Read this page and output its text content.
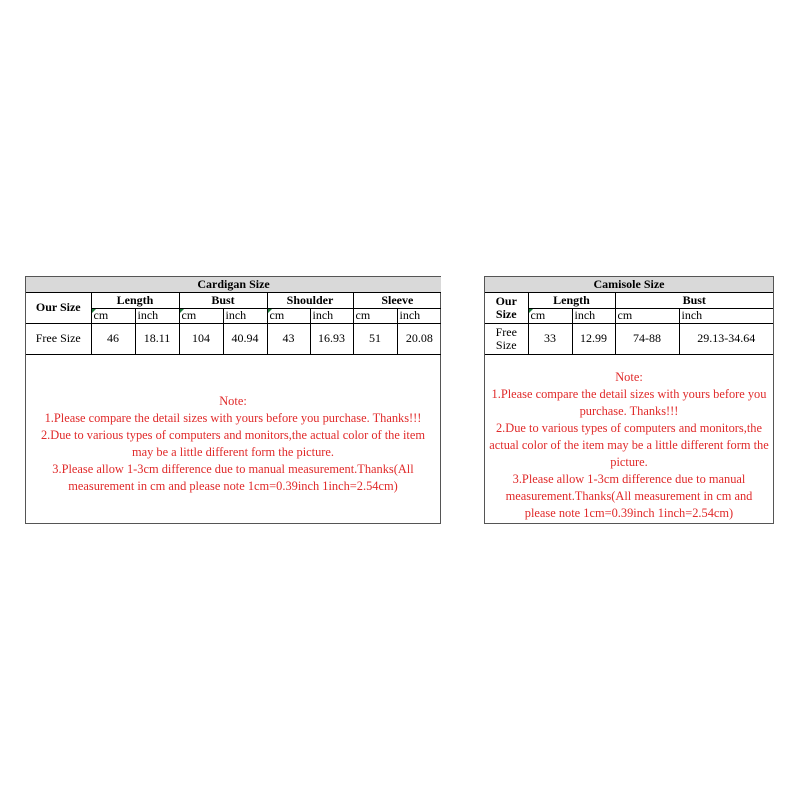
Cardigan Size								
Our Size	Length		Bust		Shoulder		Sleeve	

cm	inch	cm	inch	cm	inch	cm	inch
Free Size	46	18.11	104	40.94	43	16.93	51	20.08

Note:

1.Please compare the detail sizes with yours before you purchase. Thanks!!!

2.Due to various types of computers and monitors,the actual color of the item may be a little different form the picture.

3.Please allow 1-3cm difference due to manual measurement.Thanks(All measurement in cm and please note 1cm=0.39inch 1inch=2.54cm)

Camisole Size				
Our Size	Length		Bust	

cm	inch	cm	inch
Free Size	33	12.99	74-88	29.13-34.64

Note:

1.Please compare the detail sizes with yours before you purchase. Thanks!!!

2.Due to various types of computers and monitors,the actual color of the item may be a little different form the picture.

3.Please allow 1-3cm difference due to manual measurement.Thanks(All measurement in cm and please note 1cm=0.39inch 1inch=2.54cm)
